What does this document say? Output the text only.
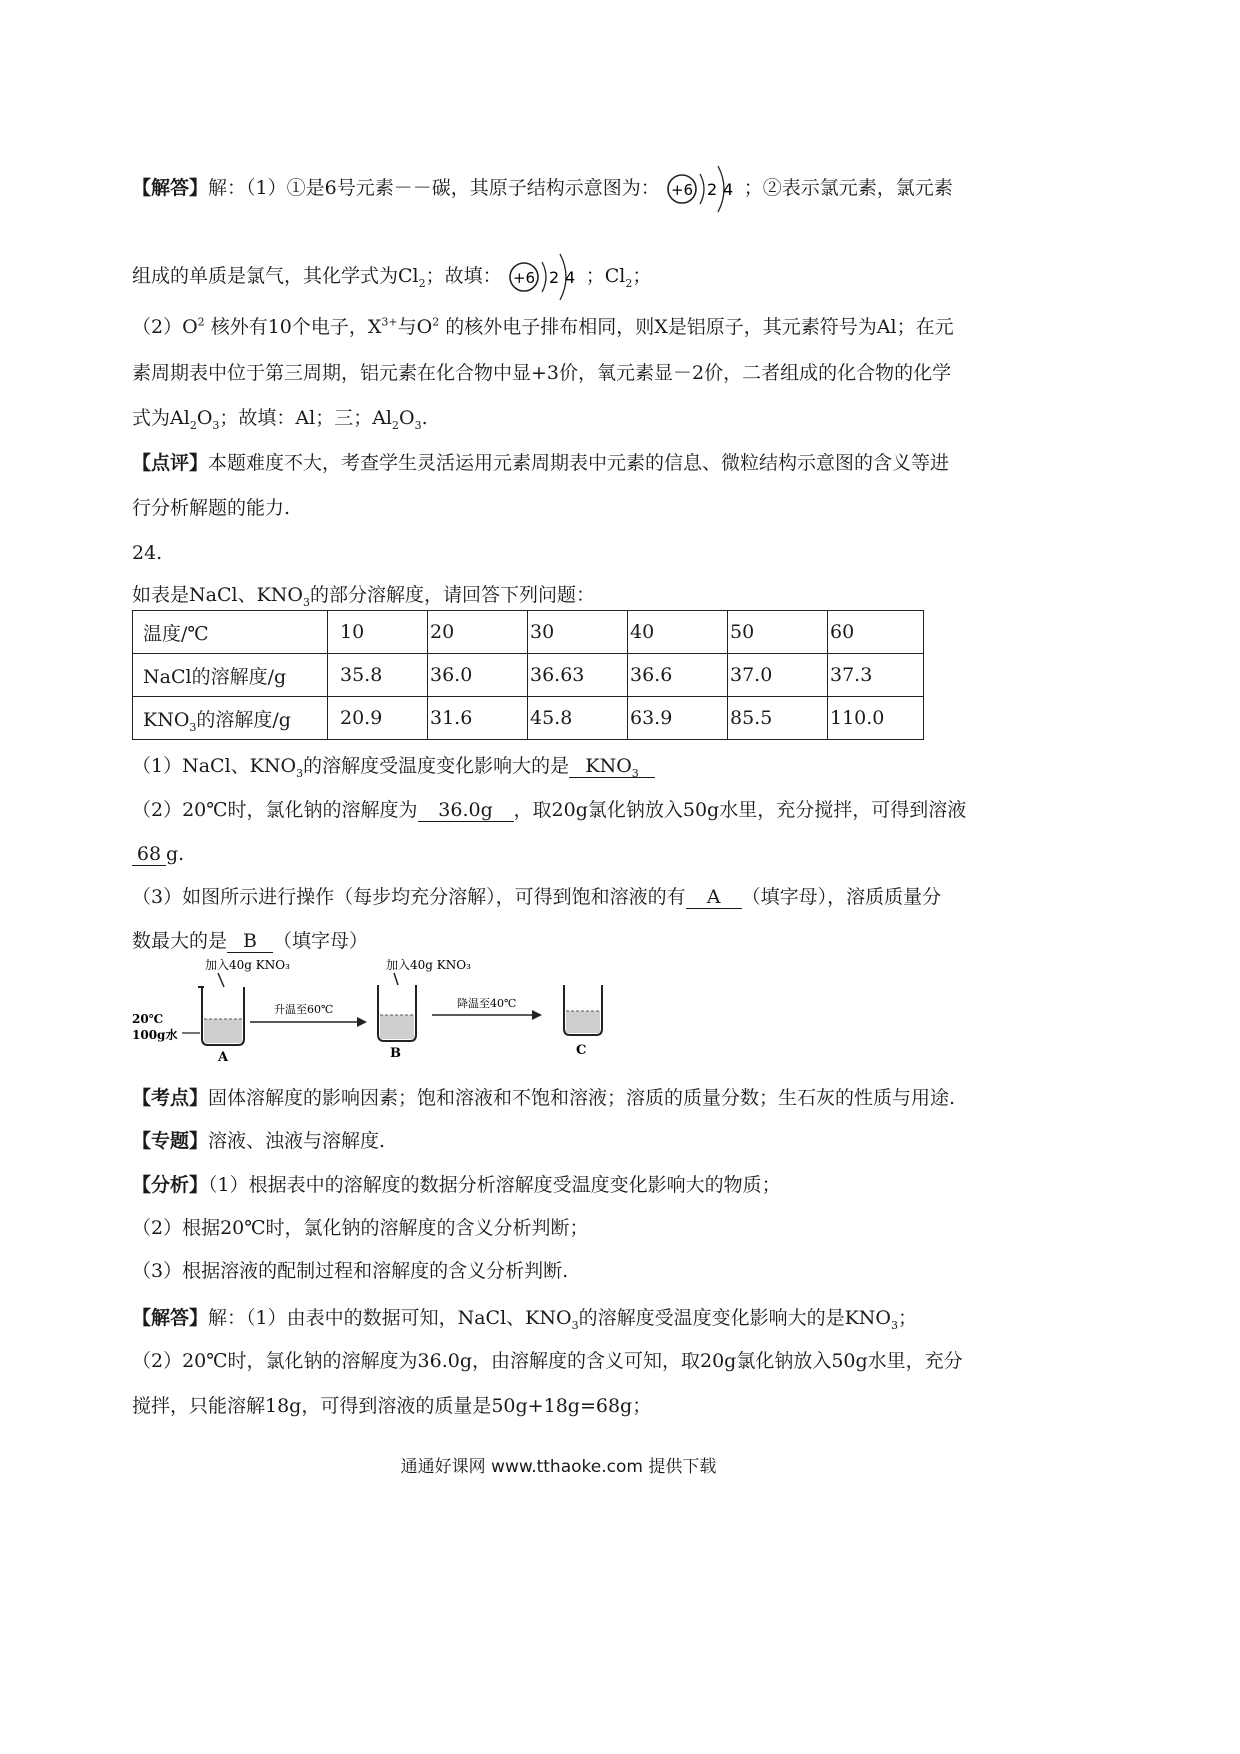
【解答】解：（1）①是6号元素－－碳，其原子结构示意图为： +6 2 4 ；②表示氯元素，氯元素
组成的单质是氯气，其化学式为$Cl_2$；故填： +6 2 4 ；$Cl_2$；
$(2)O^2$ 核外有10个电子，$X^{3+}$与$O^2$ 的核外电子排布相同，则X是铝原子，其元素符号为Al；在元
素周期表中位于第三周期，铝元素在化合物中显+3价，氧元素显－2价，二者组成的化合物的化学
式为$Al_2O_3$；故填：Al；三；$Al_2O_3$.
【点评】本题难度不大，考查学生灵活运用元素周期表中元素的信息、微粒结构示意图的含义等进
行分析解题的能力.
24.
如表是NaCl、$KNO_3$的部分溶解度，请回答下列问题：
温度/℃	10	20	30	40	50	60
NaCl的溶解度/g	35.8	36.0	36.63	36.6	37.0	37.3
$KNO_3$的溶解度/g	20.9	31.6	45.8	63.9	85.5	110.0
（1）NaCl、$KNO_3$的溶解度受温度变化影响大的是 $KNO_3$
（2）20℃时，氯化钠的溶解度为 36.0g ，取20g氯化钠放入50g水里，充分搅拌，可得到溶液
68 g.
（3）如图所示进行操作（每步均充分溶解），可得到饱和溶液的有 A （填字母），溶质质量分
数最大的是 B （填字母）
加入40g KNO₃
20℃
100g水
A
升温至60℃
加入40g KNO₃
B
降温至40℃
C
【考点】固体溶解度的影响因素；饱和溶液和不饱和溶液；溶质的质量分数；生石灰的性质与用途.
【专题】溶液、浊液与溶解度.
【分析】（1）根据表中的溶解度的数据分析溶解度受温度变化影响大的物质；
（2）根据20℃时，氯化钠的溶解度的含义分析判断；
（3）根据溶液的配制过程和溶解度的含义分析判断.
【解答】解：（1）由表中的数据可知，NaCl、$KNO_3$的溶解度受温度变化影响大的是$KNO_3$；
（2）20℃时，氯化钠的溶解度为36.0g，由溶解度的含义可知，取20g氯化钠放入50g水里，充分
搅拌，只能溶解18g，可得到溶液的质量是50g+18g=68g；
通通好课网 www.tthaoke.com 提供下载
